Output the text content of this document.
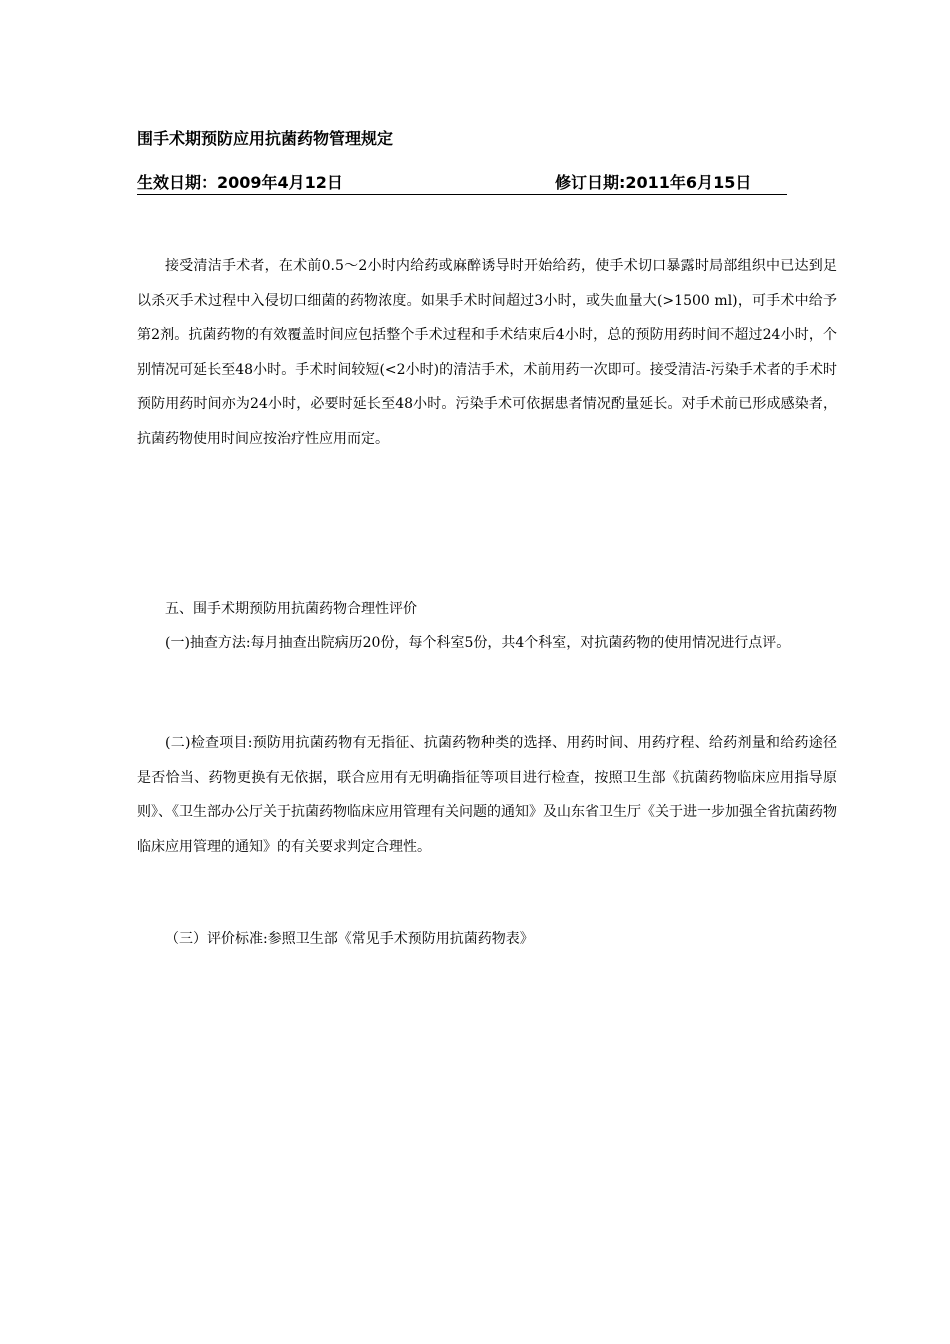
围手术期预防应用抗菌药物管理规定
生效日期：2009年4月12日	修订日期:2011年6月15日

接受清洁手术者，在术前0.5～2小时内给药或麻醉诱导时开始给药，使手术切口暴露时局部组织中已达到足以杀灭手术过程中入侵切口细菌的药物浓度。如果手术时间超过3小时，或失血量大(>1500 ml)，可手术中给予第2剂。抗菌药物的有效覆盖时间应包括整个手术过程和手术结束后4小时，总的预防用药时间不超过24小时，个别情况可延长至48小时。手术时间较短(<2小时)的清洁手术，术前用药一次即可。接受清洁-污染手术者的手术时预防用药时间亦为24小时，必要时延长至48小时。污染手术可依据患者情况酌量延长。对手术前已形成感染者，抗菌药物使用时间应按治疗性应用而定。

五、围手术期预防用抗菌药物合理性评价

(一)抽查方法:每月抽查出院病历20份，每个科室5份，共4个科室，对抗菌药物的使用情况进行点评。

(二)检查项目:预防用抗菌药物有无指征、抗菌药物种类的选择、用药时间、用药疗程、给药剂量和给药途径是否恰当、药物更换有无依据，联合应用有无明确指征等项目进行检查，按照卫生部《抗菌药物临床应用指导原则》、《卫生部办公厅关于抗菌药物临床应用管理有关问题的通知》及山东省卫生厅《关于进一步加强全省抗菌药物临床应用管理的通知》的有关要求判定合理性。

（三）评价标准:参照卫生部《常见手术预防用抗菌药物表》
